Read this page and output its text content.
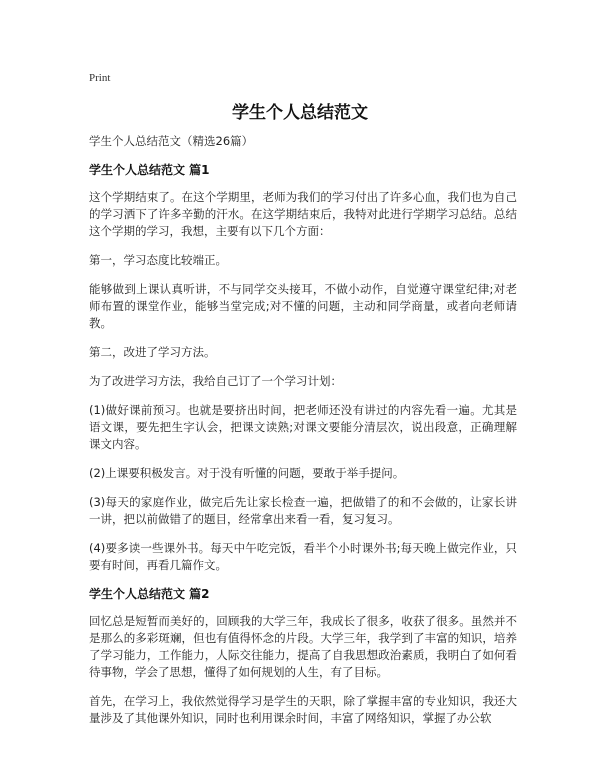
Print
学生个人总结范文

学生个人总结范文（精选26篇）

学生个人总结范文 篇1

这个学期结束了。在这个学期里，老师为我们的学习付出了许多心血，我们也为自己的学习洒下了许多辛勤的汗水。在这学期结束后，我特对此进行学期学习总结。总结这个学期的学习，我想，主要有以下几个方面：

第一，学习态度比较端正。

能够做到上课认真听讲，不与同学交头接耳，不做小动作，自觉遵守课堂纪律;对老师布置的课堂作业，能够当堂完成;对不懂的问题，主动和同学商量，或者向老师请教。

第二，改进了学习方法。

为了改进学习方法，我给自己订了一个学习计划：

(1)做好课前预习。也就是要挤出时间，把老师还没有讲过的内容先看一遍。尤其是语文课，要先把生字认会，把课文读熟;对课文要能分清层次，说出段意，正确理解课文内容。

(2)上课要积极发言。对于没有听懂的问题，要敢于举手提问。

(3)每天的家庭作业，做完后先让家长检查一遍，把做错了的和不会做的，让家长讲一讲，把以前做错了的题目，经常拿出来看一看，复习复习。

(4)要多读一些课外书。每天中午吃完饭，看半个小时课外书;每天晚上做完作业，只要有时间，再看几篇作文。

学生个人总结范文 篇2

回忆总是短暂而美好的，回顾我的大学三年，我成长了很多，收获了很多。虽然并不是那么的多彩斑斓，但也有值得怀念的片段。大学三年，我学到了丰富的知识，培养了学习能力，工作能力，人际交往能力，提高了自我思想政治素质，我明白了如何看待事物，学会了思想，懂得了如何规划的人生，有了目标。

首先，在学习上，我依然觉得学习是学生的天职，除了掌握丰富的专业知识，我还大量涉及了其他课外知识，同时也利用课余时间，丰富了网络知识，掌握了办公软
